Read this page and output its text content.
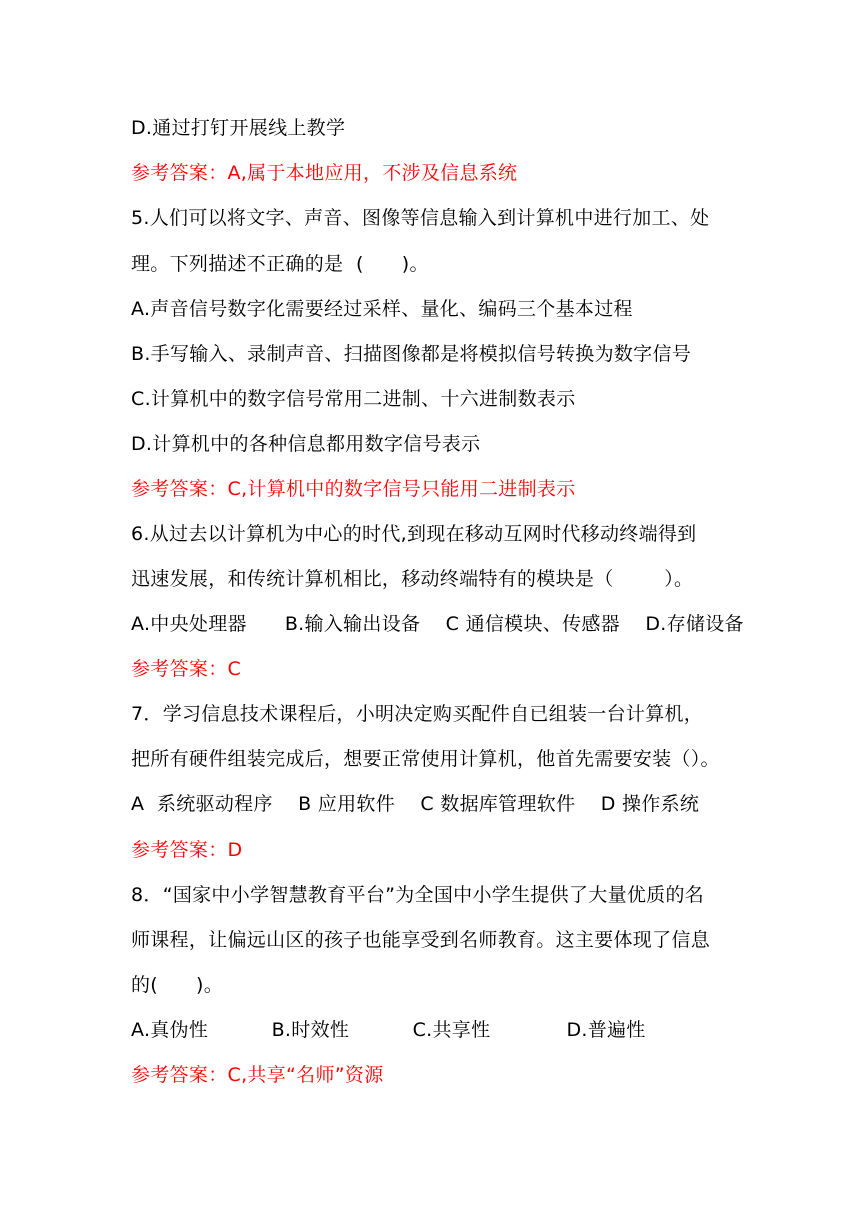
D.通过打钉开展线上教学
参考答案：A,属于本地应用，不涉及信息系统
5.人们可以将文字、声音、图像等信息输入到计算机中进行加工、处
理。下列描述不正确的是  (      )。
A.声音信号数字化需要经过采样、量化、编码三个基本过程
B.手写输入、录制声音、扫描图像都是将模拟信号转换为数字信号
C.计算机中的数字信号常用二进制、十六进制数表示
D.计算机中的各种信息都用数字信号表示
参考答案：C,计算机中的数字信号只能用二进制表示
6.从过去以计算机为中心的时代,到现在移动互网时代移动终端得到
迅速发展，和传统计算机相比，移动终端特有的模块是（        ）。
A.中央处理器      B.输入输出设备    C 通信模块、传感器    D.存储设备
参考答案：C
7．学习信息技术课程后，小明决定购买配件自已组装一台计算机，
把所有硬件组装完成后，想要正常使用计算机，他首先需要安装（）。
A  系统驱动程序    B 应用软件    C 数据库管理软件    D 操作系统
参考答案：D
8．“国家中小学智慧教育平台”为全国中小学生提供了大量优质的名
师课程，让偏远山区的孩子也能享受到名师教育。这主要体现了信息
的(      )。
A.真伪性          B.时效性          C.共享性            D.普遍性
参考答案：C,共享“名师”资源
